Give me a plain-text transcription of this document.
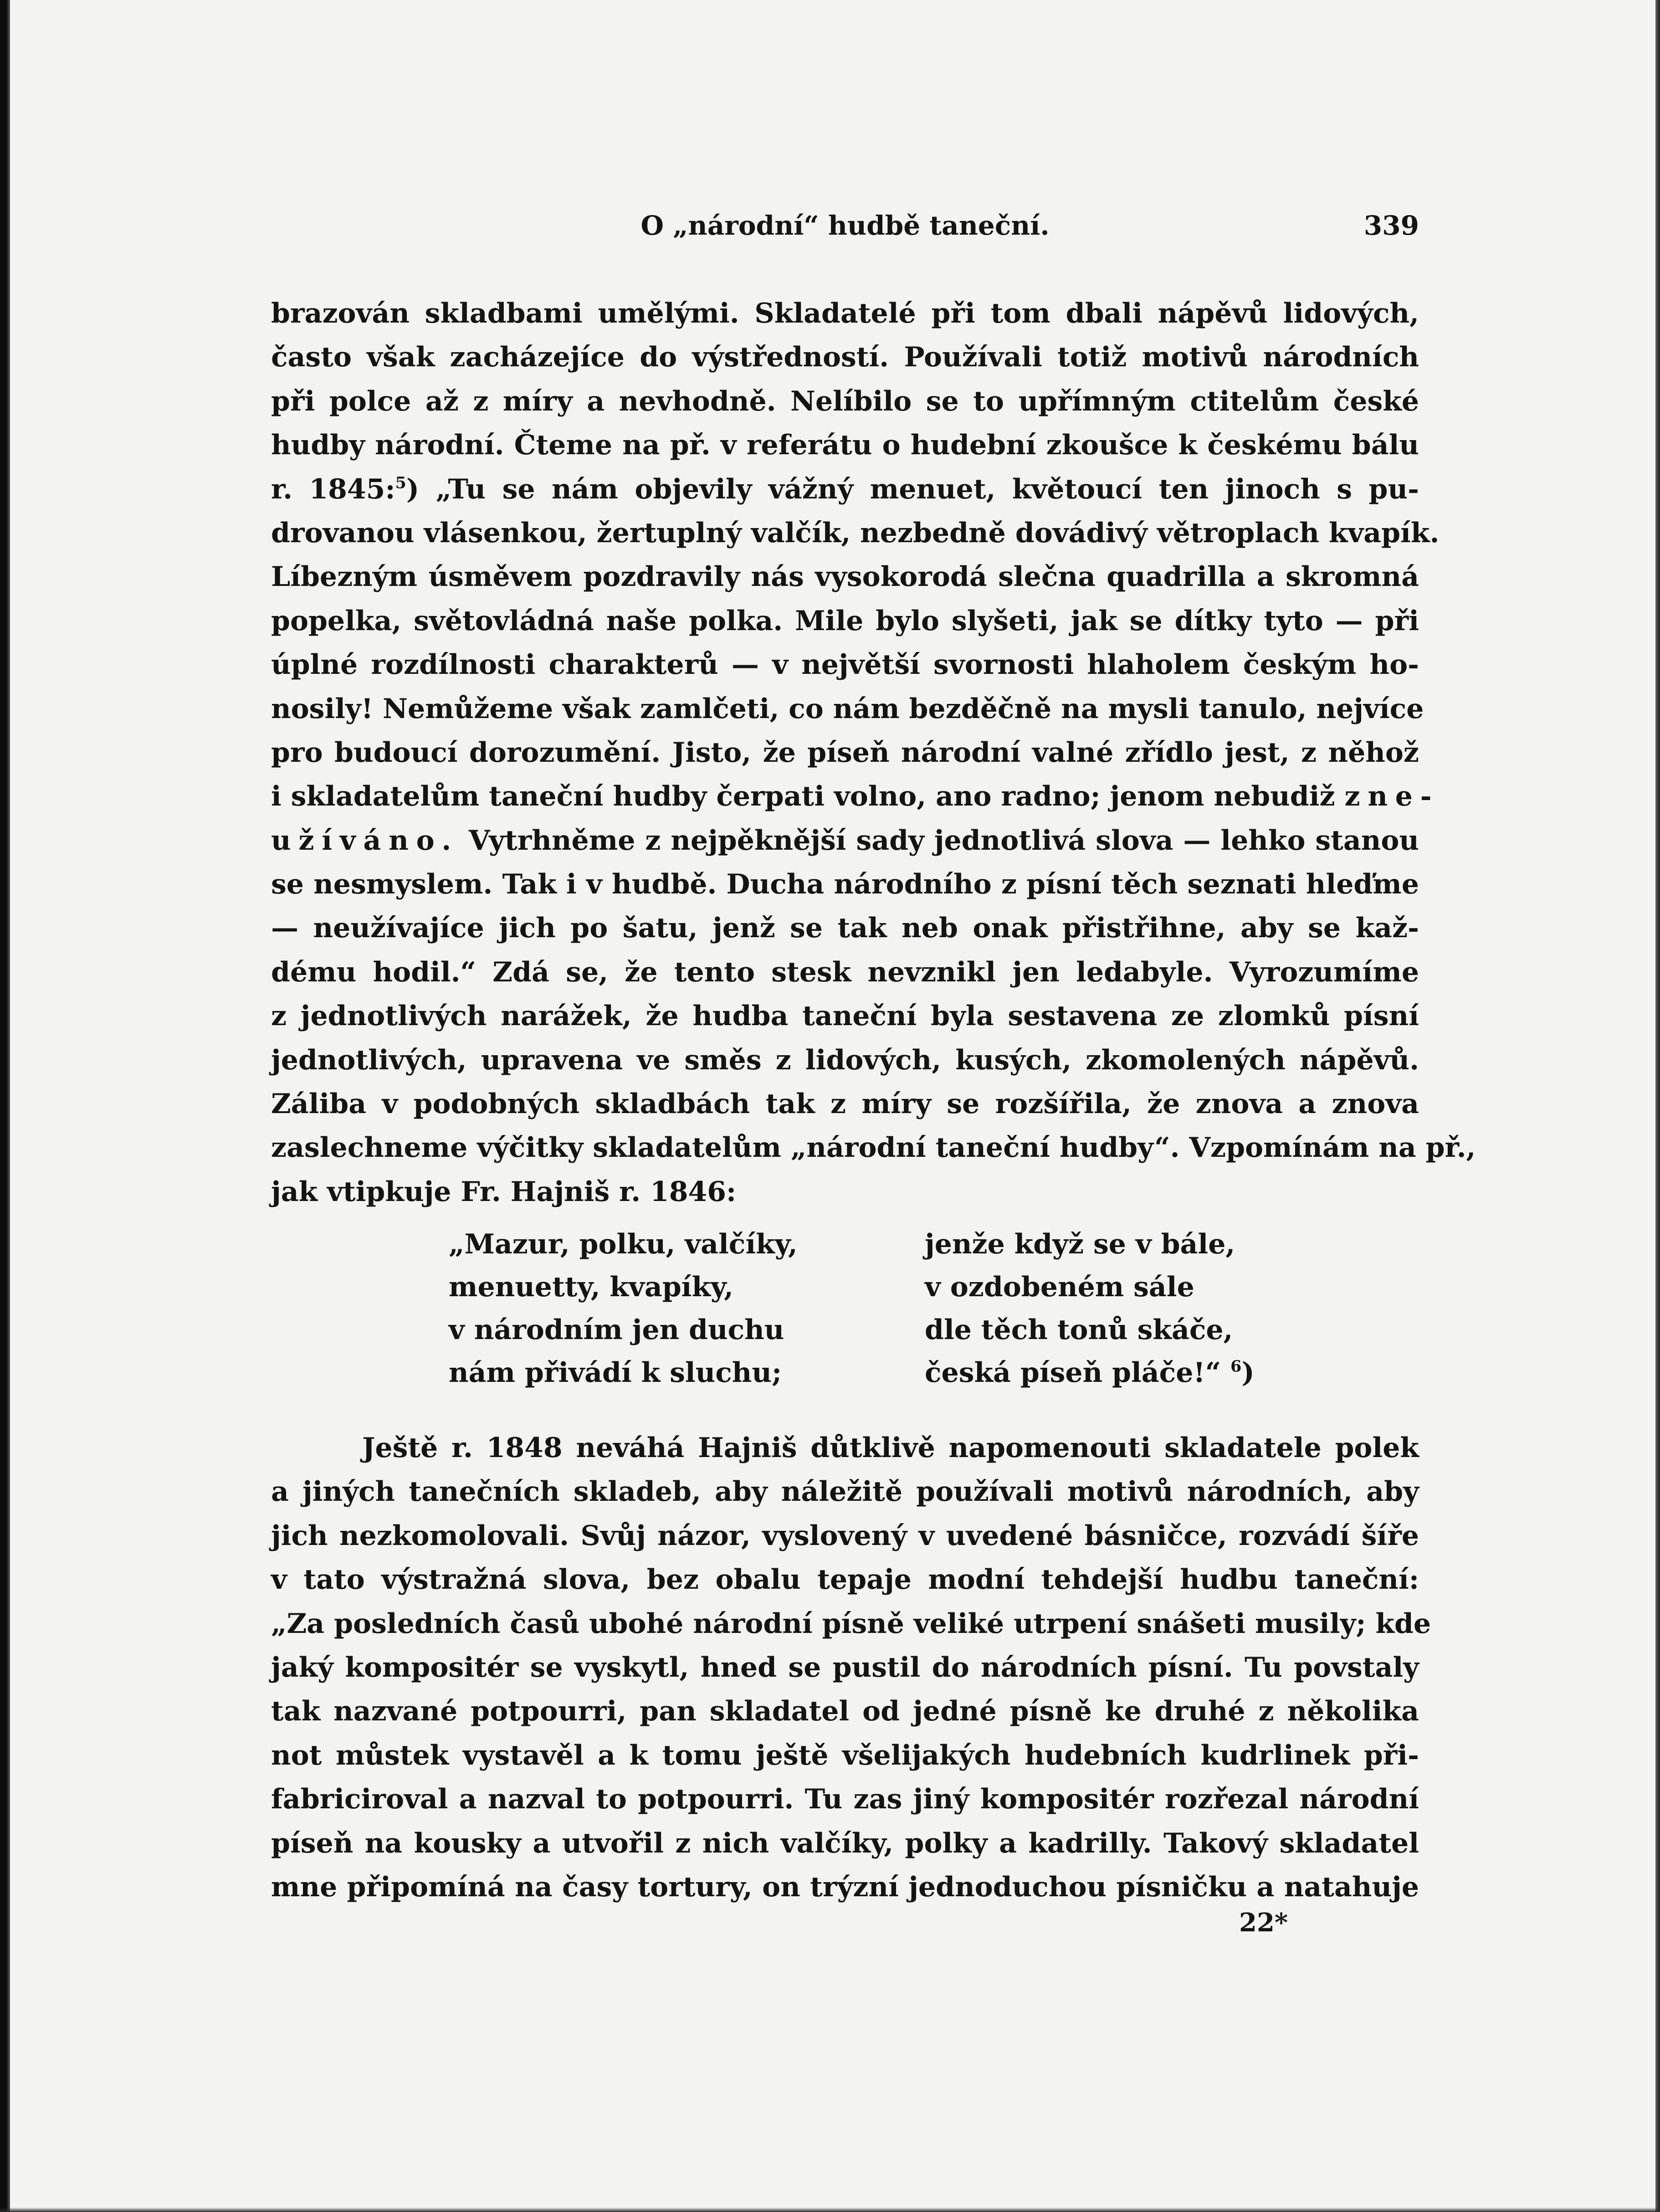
O „národní“ hudbě taneční.	339
brazován skladbami umělými. Skladatelé při tom dbali nápěvů lidových,
často však zacházejíce do výstředností. Používali totiž motivů národních
při polce až z míry a nevhodně. Nelíbilo se to upřímným ctitelům české
hudby národní. Čteme na př. v referátu o hudební zkoušce k českému bálu
r. 1845:$^5$) „Tu se nám objevily vážný menuet, květoucí ten jinoch s pu-
drovanou vlásenkou, žertuplný valčík, nezbedně dovádivý větroplach kvapík.
Líbezným úsměvem pozdravily nás vysokorodá slečna quadrilla a skromná
popelka, světovládná naše polka. Mile bylo slyšeti, jak se dítky tyto — při
úplné rozdílnosti charakterů — v největší svornosti hlaholem českým ho-
nosily! Nemůžeme však zamlčeti, co nám bezděčně na mysli tanulo, nejvíce
pro budoucí dorozumění. Jisto, že píseň národní valné zřídlo jest, z něhož
i skladatelům taneční hudby čerpati volno, ano radno; jenom nebudiž zne-
užíváno. Vytrhněme z nejpěknější sady jednotlivá slova — lehko stanou
se nesmyslem. Tak i v hudbě. Ducha národního z písní těch seznati hleďme
— neužívajíce jich po šatu, jenž se tak neb onak přistřihne, aby se kaž-
dému hodil.“ Zdá se, že tento stesk nevznikl jen ledabyle. Vyrozumíme
z jednotlivých narážek, že hudba taneční byla sestavena ze zlomků písní
jednotlivých, upravena ve směs z lidových, kusých, zkomolených nápěvů.
Záliba v podobných skladbách tak z míry se rozšířila, že znova a znova
zaslechneme výčitky skladatelům „národní taneční hudby“. Vzpomínám na př.,
jak vtipkuje Fr. Hajniš r. 1846:
„Mazur, polku, valčíky,
menuetty, kvapíky,
v národním jen duchu
nám přivádí k sluchu;
jenže když se v bále,
v ozdobeném sále
dle těch tonů skáče,
česká píseň pláče!“ $^6$)
Ještě r. 1848 neváhá Hajniš důtklivě napomenouti skladatele polek
a jiných tanečních skladeb, aby náležitě používali motivů národních, aby
jich nezkomolovali. Svůj názor, vyslovený v uvedené básničce, rozvádí šíře
v tato výstražná slova, bez obalu tepaje modní tehdejší hudbu taneční:
„Za posledních časů ubohé národní písně veliké utrpení snášeti musily; kde
jaký kompositér se vyskytl, hned se pustil do národních písní. Tu povstaly
tak nazvané potpourri, pan skladatel od jedné písně ke druhé z několika
not můstek vystavěl a k tomu ještě všelijakých hudebních kudrlinek při-
fabriciroval a nazval to potpourri. Tu zas jiný kompositér rozřezal národní
píseň na kousky a utvořil z nich valčíky, polky a kadrilly. Takový skladatel
mne připomíná na časy tortury, on trýzní jednoduchou písničku a natahuje
22*
